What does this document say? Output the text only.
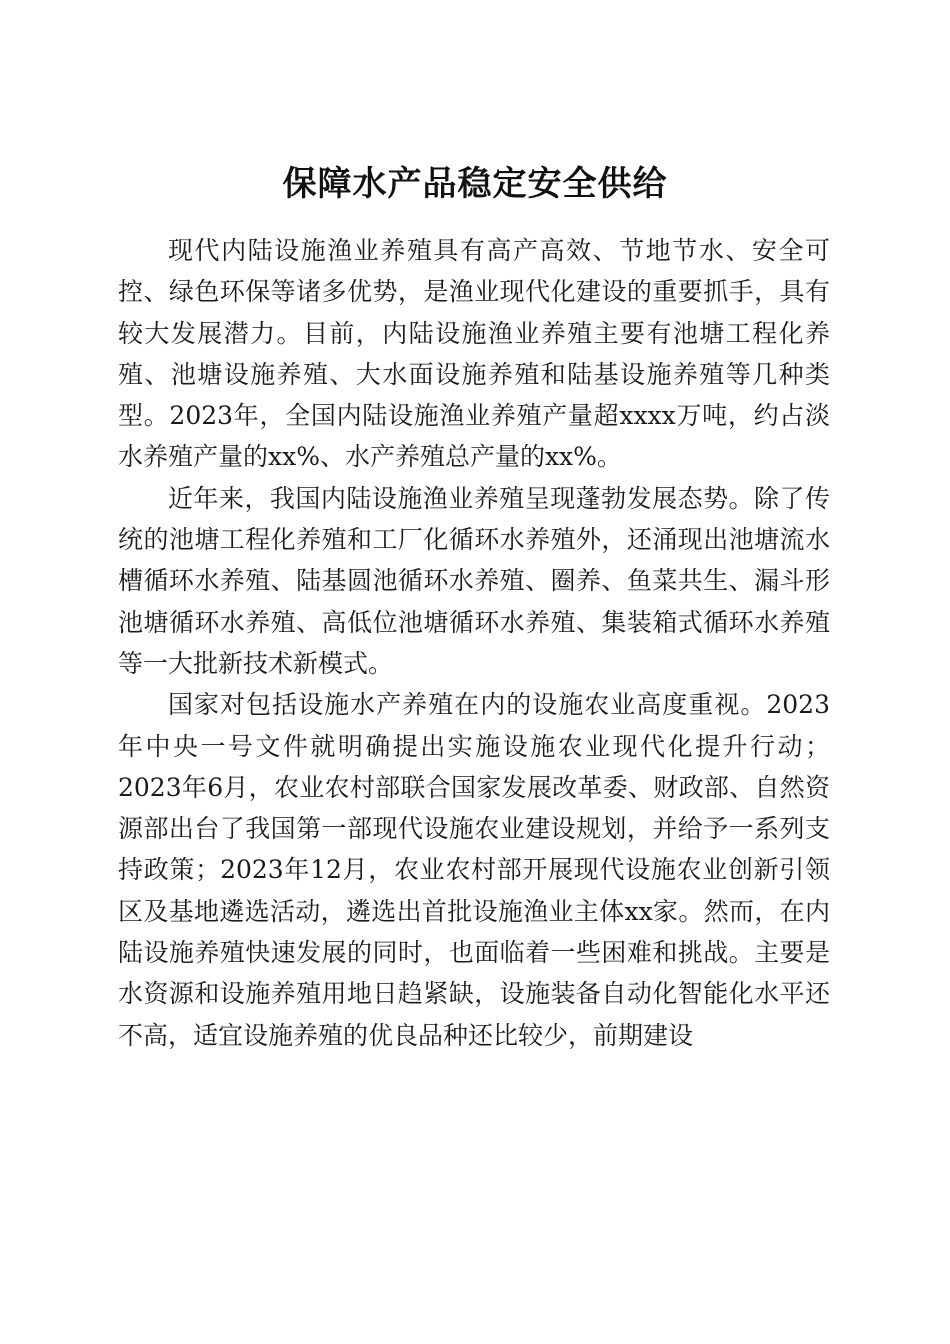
保障水产品稳定安全供给

现代内陆设施渔业养殖具有高产高效、节地节水、安全可控、绿色环保等诸多优势，是渔业现代化建设的重要抓手，具有较大发展潜力。目前，内陆设施渔业养殖主要有池塘工程化养殖、池塘设施养殖、大水面设施养殖和陆基设施养殖等几种类型。2023年，全国内陆设施渔业养殖产量超xxxx万吨，约占淡水养殖产量的xx%、水产养殖总产量的xx%。

近年来，我国内陆设施渔业养殖呈现蓬勃发展态势。除了传统的池塘工程化养殖和工厂化循环水养殖外，还涌现出池塘流水槽循环水养殖、陆基圆池循环水养殖、圈养、鱼菜共生、漏斗形池塘循环水养殖、高低位池塘循环水养殖、集装箱式循环水养殖等一大批新技术新模式。

国家对包括设施水产养殖在内的设施农业高度重视。2023年中央一号文件就明确提出实施设施农业现代化提升行动；2023年6月，农业农村部联合国家发展改革委、财政部、自然资源部出台了我国第一部现代设施农业建设规划，并给予一系列支持政策；2023年12月，农业农村部开展现代设施农业创新引领区及基地遴选活动，遴选出首批设施渔业主体xx家。然而，在内陆设施养殖快速发展的同时，也面临着一些困难和挑战。主要是水资源和设施养殖用地日趋紧缺，设施装备自动化智能化水平还不高，适宜设施养殖的优良品种还比较少，前期建设
